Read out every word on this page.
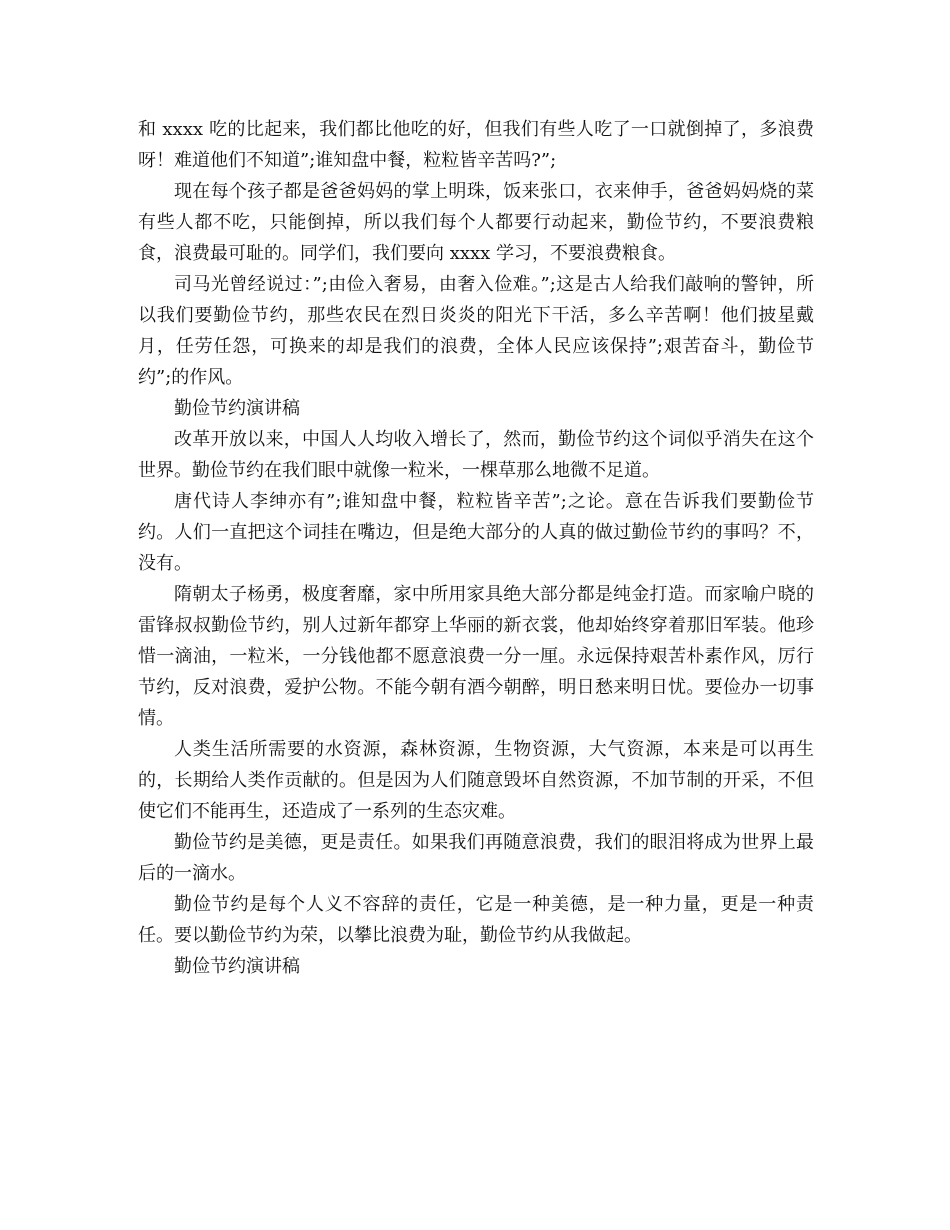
和 xxxx 吃的比起来，我们都比他吃的好，但我们有些人吃了一口就倒掉了，多浪费呀！难道他们不知道”;谁知盘中餐，粒粒皆辛苦吗?”;

现在每个孩子都是爸爸妈妈的掌上明珠，饭来张口，衣来伸手，爸爸妈妈烧的菜有些人都不吃，只能倒掉，所以我们每个人都要行动起来，勤俭节约，不要浪费粮食，浪费最可耻的。同学们，我们要向 xxxx 学习，不要浪费粮食。

司马光曾经说过：”;由俭入奢易，由奢入俭难。”;这是古人给我们敲响的警钟，所以我们要勤俭节约，那些农民在烈日炎炎的阳光下干活，多么辛苦啊！他们披星戴月，任劳任怨，可换来的却是我们的浪费，全体人民应该保持”;艰苦奋斗，勤俭节约”;的作风。

勤俭节约演讲稿

改革开放以来，中国人人均收入增长了，然而，勤俭节约这个词似乎消失在这个世界。勤俭节约在我们眼中就像一粒米，一棵草那么地微不足道。

唐代诗人李绅亦有”;谁知盘中餐，粒粒皆辛苦”;之论。意在告诉我们要勤俭节约。人们一直把这个词挂在嘴边，但是绝大部分的人真的做过勤俭节约的事吗？不，没有。

隋朝太子杨勇，极度奢靡，家中所用家具绝大部分都是纯金打造。而家喻户晓的雷锋叔叔勤俭节约，别人过新年都穿上华丽的新衣裳，他却始终穿着那旧军装。他珍惜一滴油，一粒米，一分钱他都不愿意浪费一分一厘。永远保持艰苦朴素作风，厉行节约，反对浪费，爱护公物。不能今朝有酒今朝醉，明日愁来明日忧。要俭办一切事情。

人类生活所需要的水资源，森林资源，生物资源，大气资源，本来是可以再生的，长期给人类作贡献的。但是因为人们随意毁坏自然资源，不加节制的开采，不但使它们不能再生，还造成了一系列的生态灾难。

勤俭节约是美德，更是责任。如果我们再随意浪费，我们的眼泪将成为世界上最后的一滴水。

勤俭节约是每个人义不容辞的责任，它是一种美德，是一种力量，更是一种责任。要以勤俭节约为荣，以攀比浪费为耻，勤俭节约从我做起。

勤俭节约演讲稿
